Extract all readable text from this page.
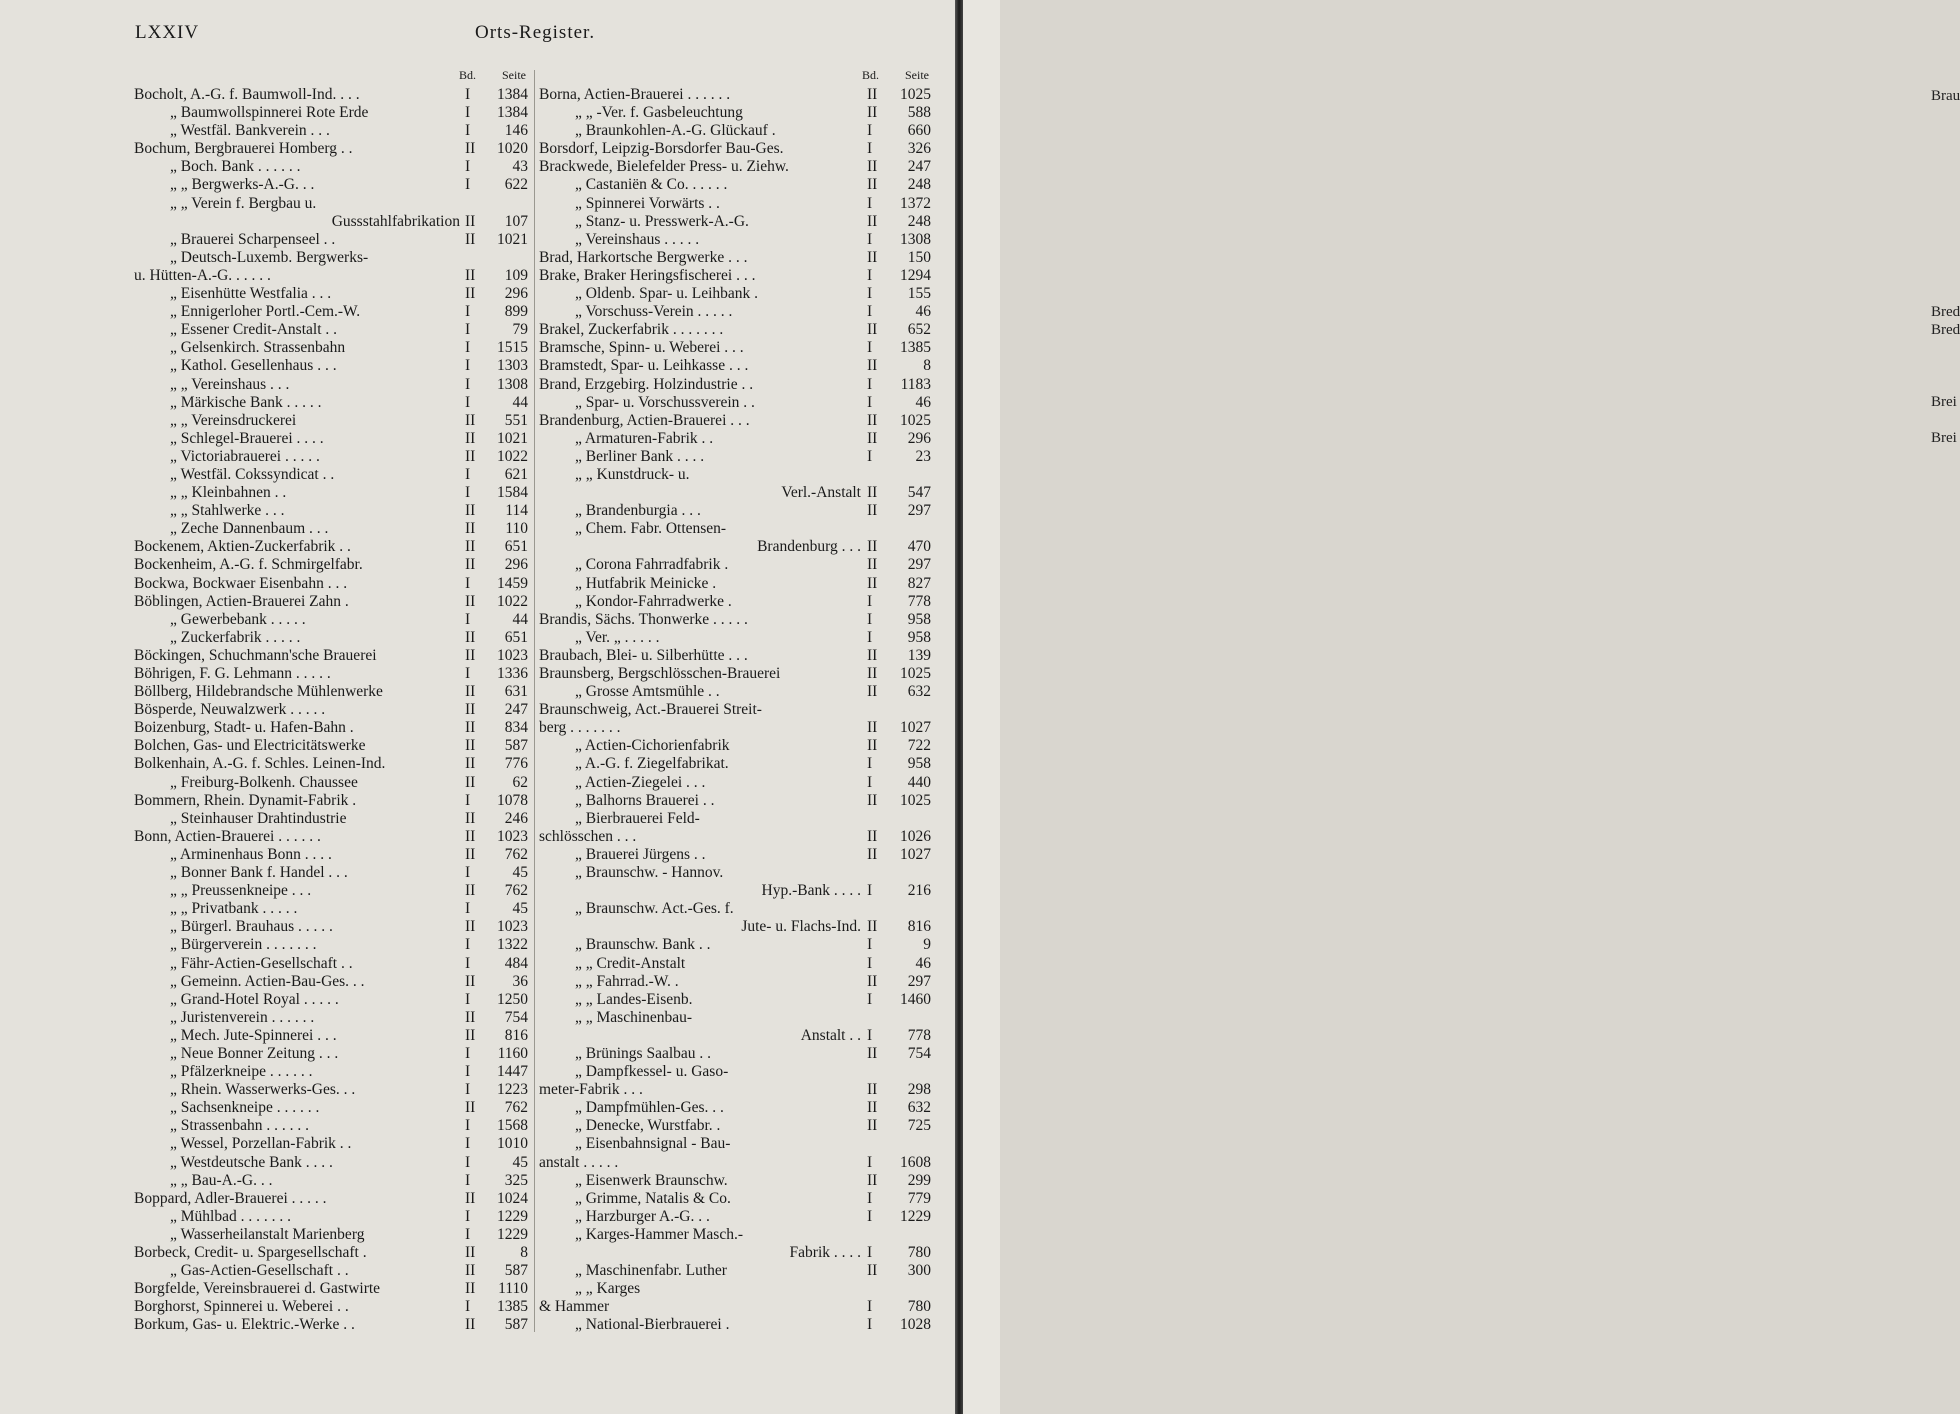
LXXIV	Orts-Register.
Bd. Seite
Bocholt, A.-G. f. Baumwoll-Ind. . . .	I 1384
„ Baumwollspinnerei Rote Erde	I 1384
„ Westfäl. Bankverein . . .	I 146
Bochum, Bergbrauerei Homberg . .	II 1020
„ Boch. Bank . . . . . .	I	43
„ „ Bergwerks-A.-G. . .	I 622
„ „ Verein f. Bergbau u.
Gussstahlfabrikation II 107
„ Brauerei Scharpenseel . .	II 1021
„ Deutsch-Luxemb. Bergwerks-
u. Hütten-A.-G. . . . . .	II 109
„ Eisenhütte Westfalia . . .	II 296
„ Ennigerloher Portl.-Cem.-W.	I 899
„ Essener Credit-Anstalt . .	I	79
„ Gelsenkirch. Strassenbahn	I 1515
„ Kathol. Gesellenhaus . . .	I 1303
„ „ Vereinshaus . . .	I 1308
„ Märkische Bank . . . . .	I	44
„ „ Vereinsdruckerei	II 551
„ Schlegel-Brauerei . . . .	II 1021
„ Victoriabrauerei . . . . .	II 1022
„ Westfäl. Cokssyndicat . .	I 621
„ „ Kleinbahnen . .	I 1584
„ „ Stahlwerke . . .	II 114
„ Zeche Dannenbaum . . .	II 110
Bockenem, Aktien-Zuckerfabrik . .	II 651
Bockenheim, A.-G. f. Schmirgelfabr.	II 296
Bockwa, Bockwaer Eisenbahn . . .	I 1459
Böblingen, Actien-Brauerei Zahn .	II 1022
„ Gewerbebank . . . . .	I	44
„ Zuckerfabrik . . . . .	II 651
Böckingen, Schuchmann'sche Brauerei	II 1023
Böhrigen, F. G. Lehmann . . . . .	I 1336
Böllberg, Hildebrandsche Mühlenwerke	II 631
Bösperde, Neuwalzwerk . . . . .	II 247
Boizenburg, Stadt- u. Hafen-Bahn .	II 834
Bolchen, Gas- und Electricitätswerke	II 587
Bolkenhain, A.-G. f. Schles. Leinen-Ind.	II 776
„ Freiburg-Bolkenh. Chaussee	II 62
Bommern, Rhein. Dynamit-Fabrik .	I 1078
„ Steinhauser Drahtindustrie	II 246
Bonn, Actien-Brauerei . . . . . .	II 1023
„ Arminenhaus Bonn . . . .	II 762
„ Bonner Bank f. Handel . . .	I	45
„ „ Preussenkneipe . . .	II 762
„ „ Privatbank . . . . .	I	45
„ Bürgerl. Brauhaus . . . . .	II 1023
„ Bürgerverein . . . . . . .	I 1322
„ Fähr-Actien-Gesellschaft . .	I 484
„ Gemeinn. Actien-Bau-Ges. . .	II 36
„ Grand-Hotel Royal . . . . .	I 1250
„ Juristenverein . . . . . .	II 754
„ Mech. Jute-Spinnerei . . .	II 816
„ Neue Bonner Zeitung . . .	I 1160
„ Pfälzerkneipe . . . . . .	I 1447
„ Rhein. Wasserwerks-Ges. . .	I 1223
„ Sachsenkneipe . . . . . .	II 762
„ Strassenbahn . . . . . .	I 1568
„ Wessel, Porzellan-Fabrik . .	I 1010
„ Westdeutsche Bank . . . .	I	45
„ „ Bau-A.-G. . .	I 325
Boppard, Adler-Brauerei . . . . .	II 1024
„ Mühlbad . . . . . . .	I 1229
„ Wasserheilanstalt Marienberg	I 1229
Borbeck, Credit- u. Spargesellschaft .	II	8
„ Gas-Actien-Gesellschaft . .	II 587
Borgfelde, Vereinsbrauerei d. Gastwirte	II 1110
Borghorst, Spinnerei u. Weberei . .	I 1385
Borkum, Gas- u. Elektric.-Werke . .	II 587
Bd. Seite
Borna, Actien-Brauerei . . . . . .	II 1025
„ „ -Ver. f. Gasbeleuchtung	II 588
„ Braunkohlen-A.-G. Glückauf .	I 660
Borsdorf, Leipzig-Borsdorfer Bau-Ges.	I 326
Brackwede, Bielefelder Press- u. Ziehw.	II 247
„ Castaniën & Co. . . . . .	II 248
„ Spinnerei Vorwärts . .	I 1372
„ Stanz- u. Presswerk-A.-G.	II 248
„ Vereinshaus . . . . .	I 1308
Brad, Harkortsche Bergwerke . . .	II 150
Brake, Braker Heringsfischerei . . .	I 1294
„ Oldenb. Spar- u. Leihbank .	I 155
„ Vorschuss-Verein . . . . .	I	46
Brakel, Zuckerfabrik . . . . . . .	II 652
Bramsche, Spinn- u. Weberei . . .	I 1385
Bramstedt, Spar- u. Leihkasse . . .	II	8
Brand, Erzgebirg. Holzindustrie . .	I 1183
„ Spar- u. Vorschussverein . .	I	46
Brandenburg, Actien-Brauerei . . .	II 1025
„ Armaturen-Fabrik . .	II 296
„ Berliner Bank . . . .	I	23
„ „ Kunstdruck- u.
Verl.-Anstalt II 547
„ Brandenburgia . . .	II 297
„ Chem. Fabr. Ottensen-
Brandenburg . . . II 470
„ Corona Fahrradfabrik .	II 297
„ Hutfabrik Meinicke .	II 827
„ Kondor-Fahrradwerke .	I 778
Brandis, Sächs. Thonwerke . . . . .	I 958
„ Ver. „ . . . . .	I 958
Braubach, Blei- u. Silberhütte . . .	II 139
Braunsberg, Bergschlösschen-Brauerei	II 1025
„ Grosse Amtsmühle . .	II 632
Braunschweig, Act.-Brauerei Streit-
berg . . . . . . .	II 1027
„ Actien-Cichorienfabrik	II 722
„ A.-G. f. Ziegelfabrikat.	I 958
„ Actien-Ziegelei . . .	I 440
„ Balhorns Brauerei . .	II 1025
„ Bierbrauerei Feld-
schlösschen . . .	II 1026
„ Brauerei Jürgens . .	II 1027
„ Braunschw. - Hannov.
Hyp.-Bank . . . . I 216
„ Braunschw. Act.-Ges. f.
Jute- u. Flachs-Ind. II 816
„ Braunschw. Bank . .	I	9
„ „ Credit-Anstalt	I	46
„ „ Fahrrad.-W. .	II 297
„ „ Landes-Eisenb.	I 1460
„ „ Maschinenbau-
Anstalt . . I 778
„ Brünings Saalbau . .	II 754
„ Dampfkessel- u. Gaso-
meter-Fabrik . . .	II 298
„ Dampfmühlen-Ges. . .	II 632
„ Denecke, Wurstfabr. .	II 725
„ Eisenbahnsignal - Bau-
anstalt . . . . .	I 1608
„ Eisenwerk Braunschw.	II 299
„ Grimme, Natalis & Co.	I 779
„ Harzburger A.-G. . .	I 1229
„ Karges-Hammer Masch.-
Fabrik . . . . I 780
„ Maschinenfabr. Luther	II 300
„ „ Karges
& Hammer	I 780
„ National-Bierbrauerei .	I 1028
Brau
Bred
Bred
Brei
Brei
